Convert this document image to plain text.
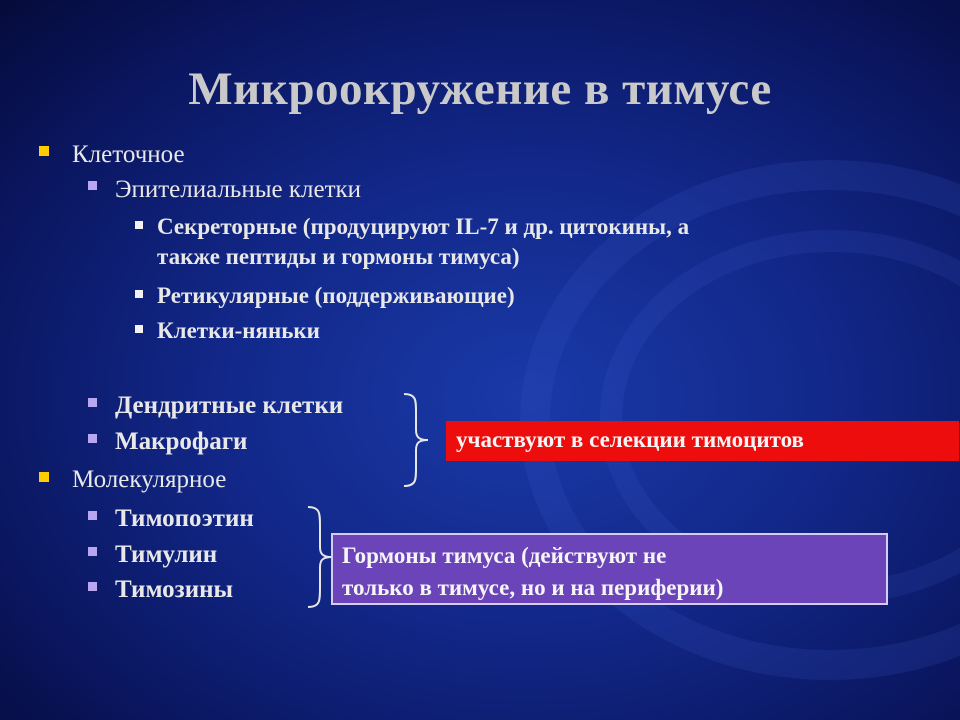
Микроокружение в тимусе
Клеточное
Эпителиальные клетки
Секреторные (продуцируют IL-7 и др. цитокины, а
также пептиды и гормоны тимуса)
Ретикулярные (поддерживающие)
Клетки-няньки
Дендритные клетки
Макрофаги
Молекулярное
Тимопоэтин
Тимулин
Тимозины
участвуют в селекции тимоцитов
Гормоны тимуса (действуют не
только в тимусе, но и на периферии)
